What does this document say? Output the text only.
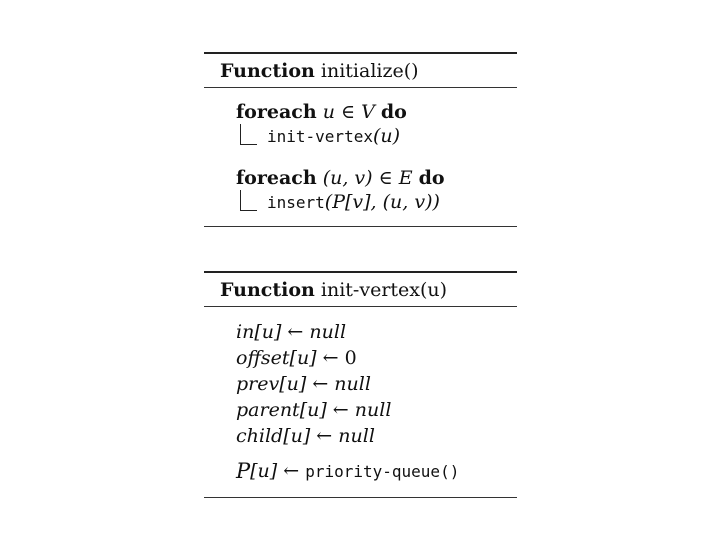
Function
initialize()
foreach
u ∈ V
do
init-vertex (u)
foreach
(u, v) ∈ E
do
insert (P[v], (u, v))
Function
init-vertex(u)
in [u] ← null
offset [u] ← 0
prev [u] ← null
parent [u] ← null
child [u] ← null
P [u] ← priority-queue()
